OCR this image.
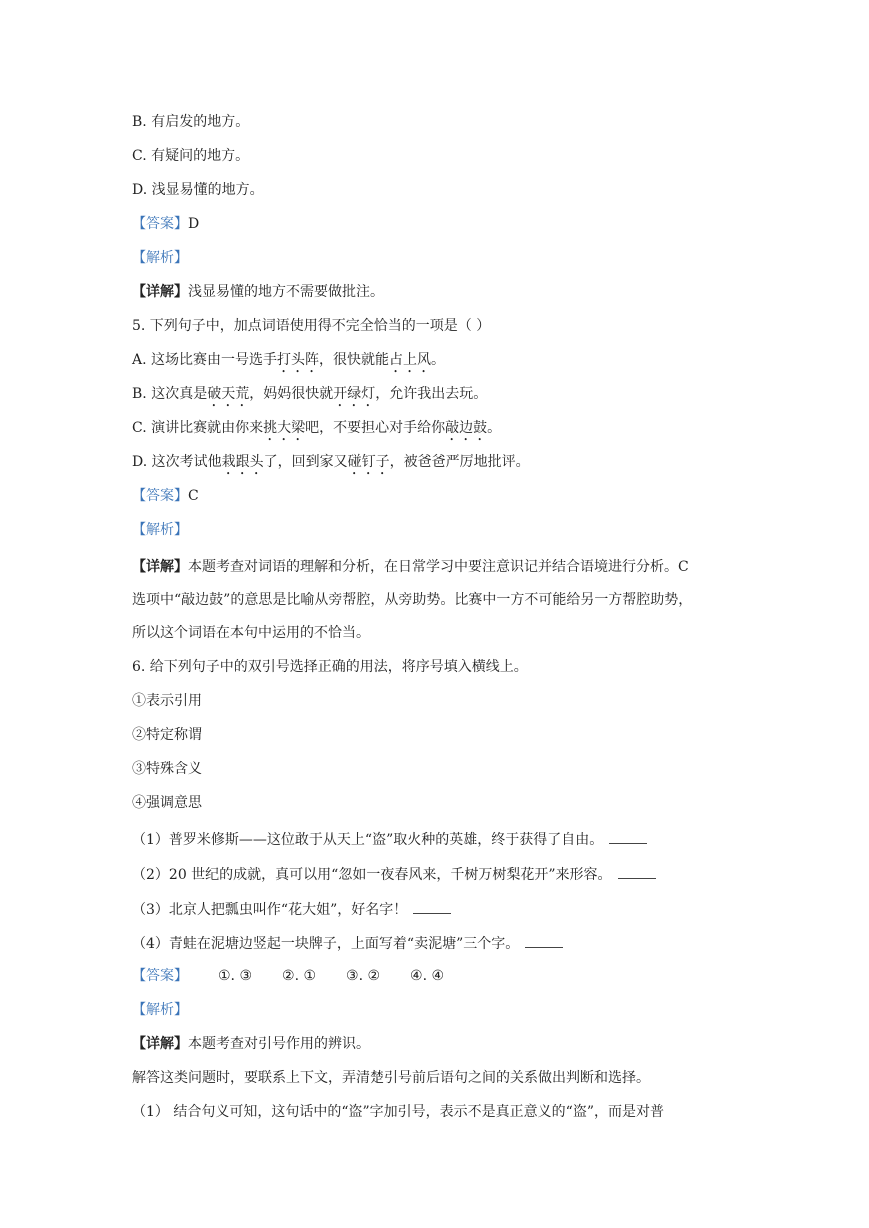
B. 有启发的地方。
C. 有疑问的地方。
D. 浅显易懂的地方。
【答案】D
【解析】
【详解】浅显易懂的地方不需要做批注。
5. 下列句子中，加点词语使用得不完全恰当的一项是（ ）
A. 这场比赛由一号选手打头阵，很快就能占上风。
B. 这次真是破天荒，妈妈很快就开绿灯，允许我出去玩。
C. 演讲比赛就由你来挑大梁吧，不要担心对手给你敲边鼓。
D. 这次考试他栽跟头了，回到家又碰钉子，被爸爸严厉地批评。
【答案】C
【解析】
【详解】本题考查对词语的理解和分析，在日常学习中要注意识记并结合语境进行分析。C
选项中“敲边鼓”的意思是比喻从旁帮腔，从旁助势。比赛中一方不可能给另一方帮腔助势，
所以这个词语在本句中运用的不恰当。
6. 给下列句子中的双引号选择正确的用法，将序号填入横线上。
①表示引用
②特定称谓
③特殊含义
④强调意思
（1）普罗米修斯——这位敢于从天上“盗”取火种的英雄，终于获得了自由。
（2）20 世纪的成就，真可以用“忽如一夜春风来，千树万树梨花开”来形容。
（3）北京人把瓢虫叫作“花大姐”，好名字！
（4）青蛙在泥塘边竖起一块牌子，上面写着“卖泥塘”三个字。
【答案】 ①. ③ ②. ① ③. ② ④. ④
【解析】
【详解】本题考查对引号作用的辨识。
解答这类问题时，要联系上下文，弄清楚引号前后语句之间的关系做出判断和选择。
（1） 结合句义可知，这句话中的“盗”字加引号，表示不是真正意义的“盗”，而是对普
